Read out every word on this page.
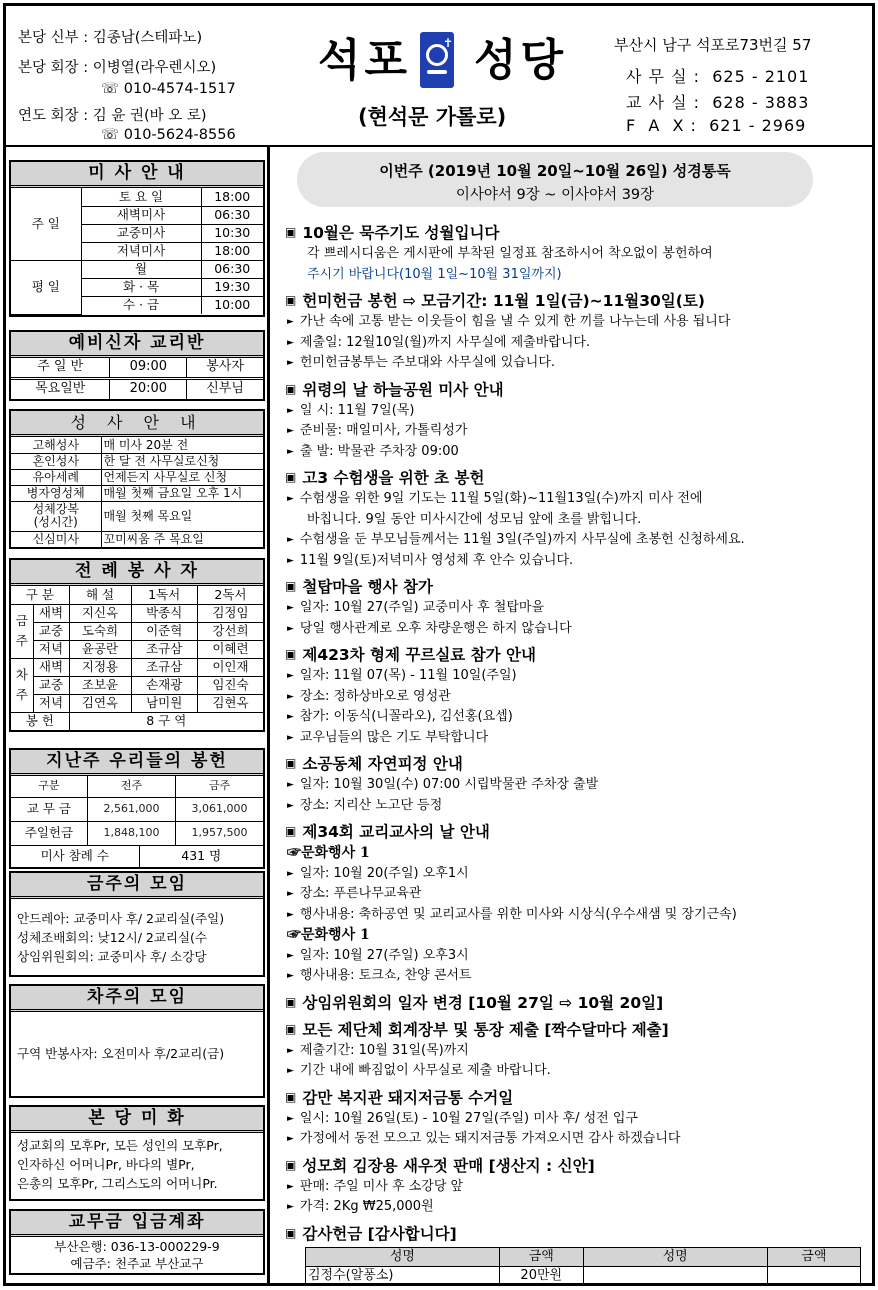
본당 신부 : 김종남(스테파노)
본당 회장 : 이병열(라우렌시오)
☏ 010-4574-1517
연도 회장 : 김 윤 권(바 오 로)
☏ 010-5624-8556
석포	✝ 성당
(현석문 가롤로)
부산시 남구 석포로73번길 57
사 무 실 : 625 - 2101
교 사 실 : 628 - 3883
F  A  X : 621 - 2969
미 사 안 내
주 일	토 요 일	18:00
	새벽미사	06:30
	교중미사	10:30
	저녁미사	18:00
평 일	월	06:30
	화 · 목	19:30
	수 · 금	10:00
예비신자 교리반
주 일 반	09:00	봉사자
목요일반	20:00	신부님
성 사 안 내
고해성사	매 미사 20분 전
혼인성사	한 달 전 사무실로신청
유아세례	언제든지 사무실로 신청
병자영성체	매월 첫째 금요일 오후 1시
성체강복
(성시간)	매월 첫째 목요일
신심미사	꼬미씨움 주 목요일
전 례 봉 사 자
구 분		해 설	1독서	2독서
금
주	새벽	지신옥	박종식	김정임
	교중	도숙희	이준혁	강선희
	저녁	윤공란	조규삼	이혜련
차
주	새벽	지정용	조규삼	이인재
	교중	조보윤	손재광	임진숙
	저녁	김연옥	남미원	김현옥
봉 헌		8 구 역		
지난주 우리들의 봉헌
구분	전주	금주
교 무 금	2,561,000	3,061,000
주일헌금	1,848,100	1,957,500

미사 참례 수	431 명
금주의 모임
안드레아: 교중미사 후/ 2교리실(주일)
성체조배회의: 낮12시/ 2교리실(수
상임위원회의: 교중미사 후/ 소강당
차주의 모임
구역 반봉사자: 오전미사 후/2교리(금)
본 당 미 화
성교회의 모후Pr, 모든 성인의 모후Pr,
인자하신 어머니Pr, 바다의 별Pr,
은총의 모후Pr, 그리스도의 어머니Pr.
교무금 입금계좌
부산은행: 036-13-000229-9
예금주: 천주교 부산교구
이번주 (2019년 10월 20일~10월 26일) 성경통독
이사야서 9장 ~ 이사야서 39장
▣ 10월은 묵주기도 성월입니다
각 쁘레시디움은 게시판에 부착된 일정표 참조하시어 착오없이 봉헌하여
주시기 바랍니다(10월 1일~10월 31일까지)
▣ 헌미헌금 봉헌 ⇨ 모금기간: 11월 1일(금)~11월30일(토)
► 가난 속에 고통 받는 이웃들이 힘을 낼 수 있게 한 끼를 나누는데 사용 됩니다
► 제출일: 12월10일(월)까지 사무실에 제출바랍니다.
► 헌미헌금봉투는 주보대와 사무실에 있습니다.
▣ 위령의 날 하늘공원 미사 안내
► 일 시: 11월 7일(목)
► 준비물: 매일미사, 가톨릭성가
► 출 발: 박물관 주차장 09:00
▣ 고3 수험생을 위한 초 봉헌
► 수험생을 위한 9일 기도는 11월 5일(화)~11월13일(수)까지 미사 전에
바칩니다. 9일 동안 미사시간에 성모님 앞에 초를 밝힙니다.
► 수험생을 둔 부모님들께서는 11월 3일(주일)까지 사무실에 초봉헌 신청하세요.
► 11월 9일(토)저녁미사 영성체 후 안수 있습니다.
▣ 철탑마을 행사 참가
► 일자: 10월 27(주일) 교중미사 후 철탑마을
► 당일 행사관계로 오후 차량운행은 하지 않습니다
▣ 제423차 형제 꾸르실료 참가 안내
► 일자: 11월 07(목) - 11월 10일(주일)
► 장소: 정하상바오로 영성관
► 참가: 이동식(니꼴라오), 김선홍(요셉)
► 교우님들의 많은 기도 부탁합니다
▣ 소공동체 자연피정 안내
► 일자: 10월 30일(수) 07:00 시립박물관 주차장 출발
► 장소: 지리산 노고단 등정
▣ 제34회 교리교사의 날 안내
☞문화행사 1
► 일자: 10월 20(주일) 오후1시
► 장소: 푸른나무교육관
► 행사내용: 축하공연 및 교리교사를 위한 미사와 시상식(우수새샘 및 장기근속)
☞문화행사 1
► 일자: 10월 27(주일) 오후3시
► 행사내용: 토크쇼, 찬양 콘서트
▣ 상임위원회의 일자 변경 [10월 27일 ⇨ 10월 20일]
▣ 모든 제단체 회계장부 및 통장 제출 [짝수달마다 제출]
► 제출기간: 10월 31일(목)까지
► 기간 내에 빠짐없이 사무실로 제출 바랍니다.
▣ 감만 복지관 돼지저금통 수거일
► 일시: 10월 26일(토) - 10월 27일(주일) 미사 후/ 성전 입구
► 가정에서 동전 모으고 있는 돼지저금통 가져오시면 감사 하겠습니다
▣ 성모회 김장용 새우젓 판매 [생산지 : 신안]
► 판매: 주일 미사 후 소강당 앞
► 가격: 2Kg ₩25,000원
▣ 감사헌금 [감사합니다]
성명	금액	성명	금액
김정수(알퐁소)	20만원		
